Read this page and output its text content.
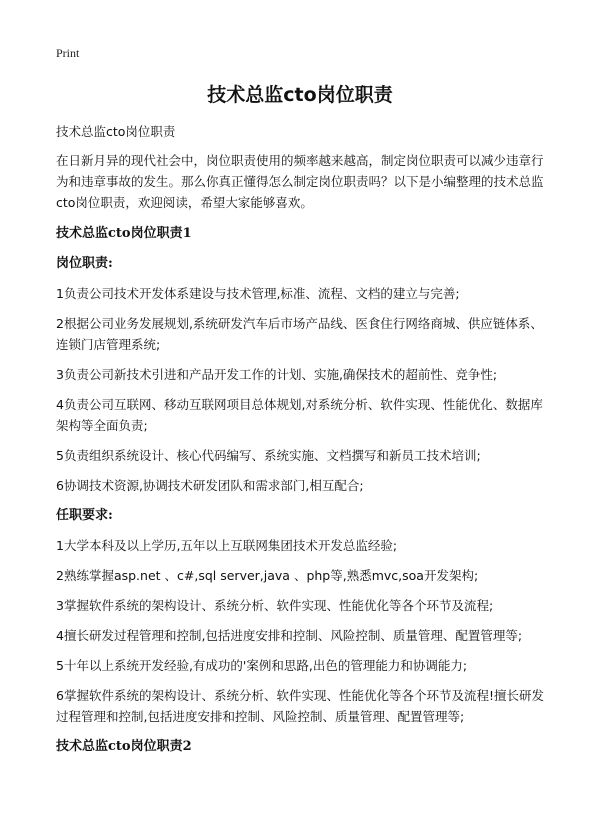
Print
技术总监cto岗位职责

技术总监cto岗位职责

在日新月异的现代社会中，岗位职责使用的频率越来越高，制定岗位职责可以减少违章行为和违章事故的发生。那么你真正懂得怎么制定岗位职责吗？以下是小编整理的技术总监cto岗位职责，欢迎阅读，希望大家能够喜欢。

技术总监cto岗位职责1
岗位职责:

1负责公司技术开发体系建设与技术管理,标准、流程、文档的建立与完善;

2根据公司业务发展规划,系统研发汽车后市场产品线、医食住行网络商城、供应链体系、连锁门店管理系统;

3负责公司新技术引进和产品开发工作的计划、实施,确保技术的超前性、竞争性;

4负责公司互联网、移动互联网项目总体规划,对系统分析、软件实现、性能优化、数据库架构等全面负责;

5负责组织系统设计、核心代码编写、系统实施、文档撰写和新员工技术培训;

6协调技术资源,协调技术研发团队和需求部门,相互配合;

任职要求:

1大学本科及以上学历,五年以上互联网集团技术开发总监经验;

2熟练掌握asp.net 、c#,sql server,java 、php等,熟悉mvc,soa开发架构;

3掌握软件系统的架构设计、系统分析、软件实现、性能优化等各个环节及流程;

4擅长研发过程管理和控制,包括进度安排和控制、风险控制、质量管理、配置管理等;

5十年以上系统开发经验,有成功的'案例和思路,出色的管理能力和协调能力;

6掌握软件系统的架构设计、系统分析、软件实现、性能优化等各个环节及流程!擅长研发过程管理和控制,包括进度安排和控制、风险控制、质量管理、配置管理等;

技术总监cto岗位职责2
